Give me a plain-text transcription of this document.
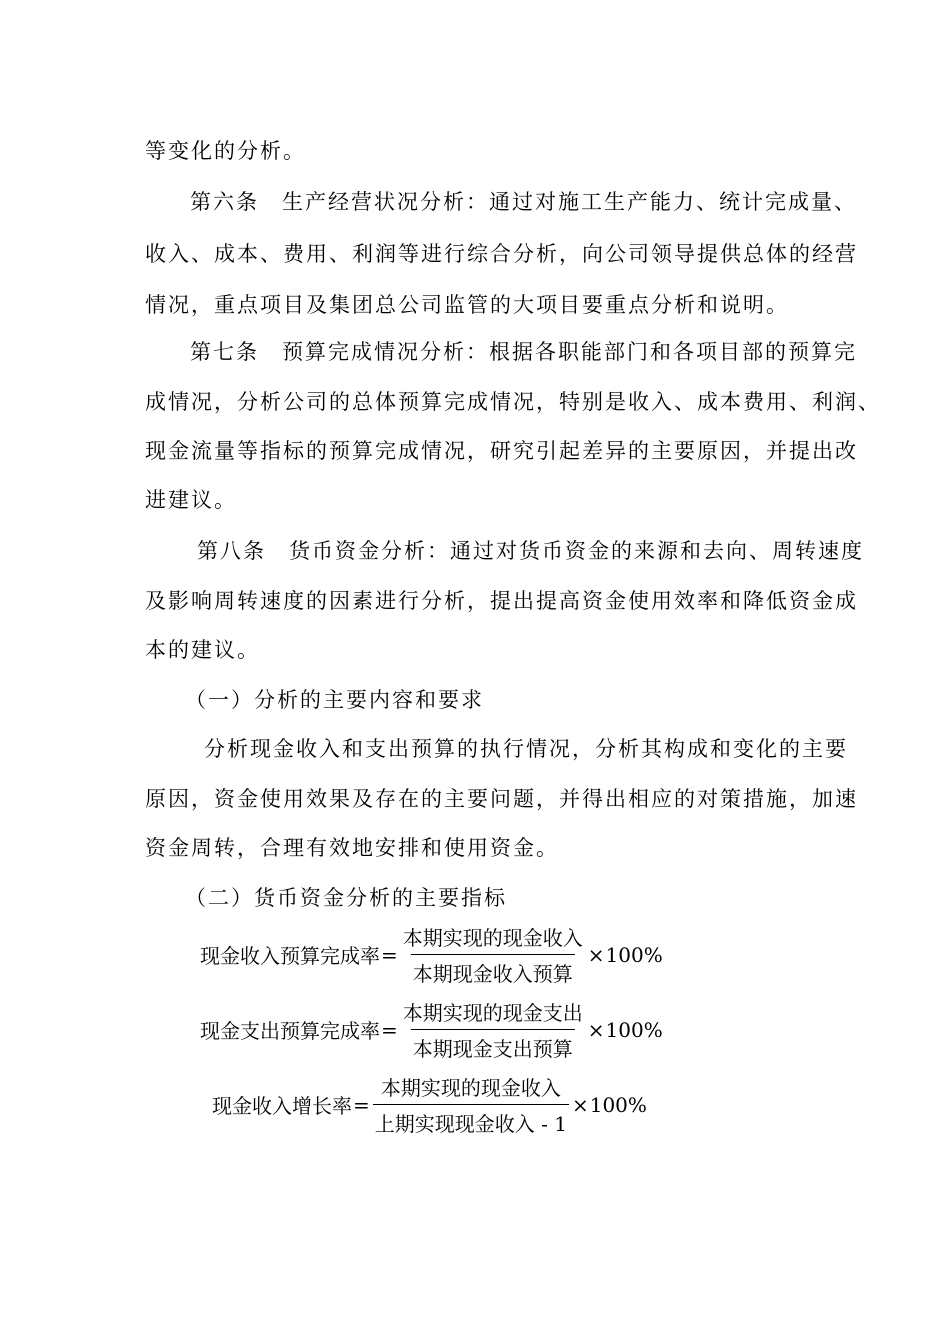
等变化的分析。
第六条　生产经营状况分析：通过对施工生产能力、统计完成量、
收入、成本、费用、利润等进行综合分析，向公司领导提供总体的经营
情况，重点项目及集团总公司监管的大项目要重点分析和说明。
第七条　预算完成情况分析：根据各职能部门和各项目部的预算完
成情况，分析公司的总体预算完成情况，特别是收入、成本费用、利润、
现金流量等指标的预算完成情况，研究引起差异的主要原因，并提出改
进建议。
第八条　货币资金分析：通过对货币资金的来源和去向、周转速度
及影响周转速度的因素进行分析，提出提高资金使用效率和降低资金成
本的建议。
（一）分析的主要内容和要求
分析现金收入和支出预算的执行情况，分析其构成和变化的主要
原因，资金使用效果及存在的主要问题，并得出相应的对策措施，加速
资金周转，合理有效地安排和使用资金。
（二）货币资金分析的主要指标
现金收入预算完成率 = $\frac{\text{本期实现的现金收入}}{\text{本期现金收入预算}} \times 100\%$
现金支出预算完成率 = $\frac{\text{本期实现的现金支出}}{\text{本期现金支出预算}} \times 100\%$
现金收入增长率 = $\frac{\text{本期实现的现金收入}}{\text{上期实现现金收入 - 1}} \times 100\%$
